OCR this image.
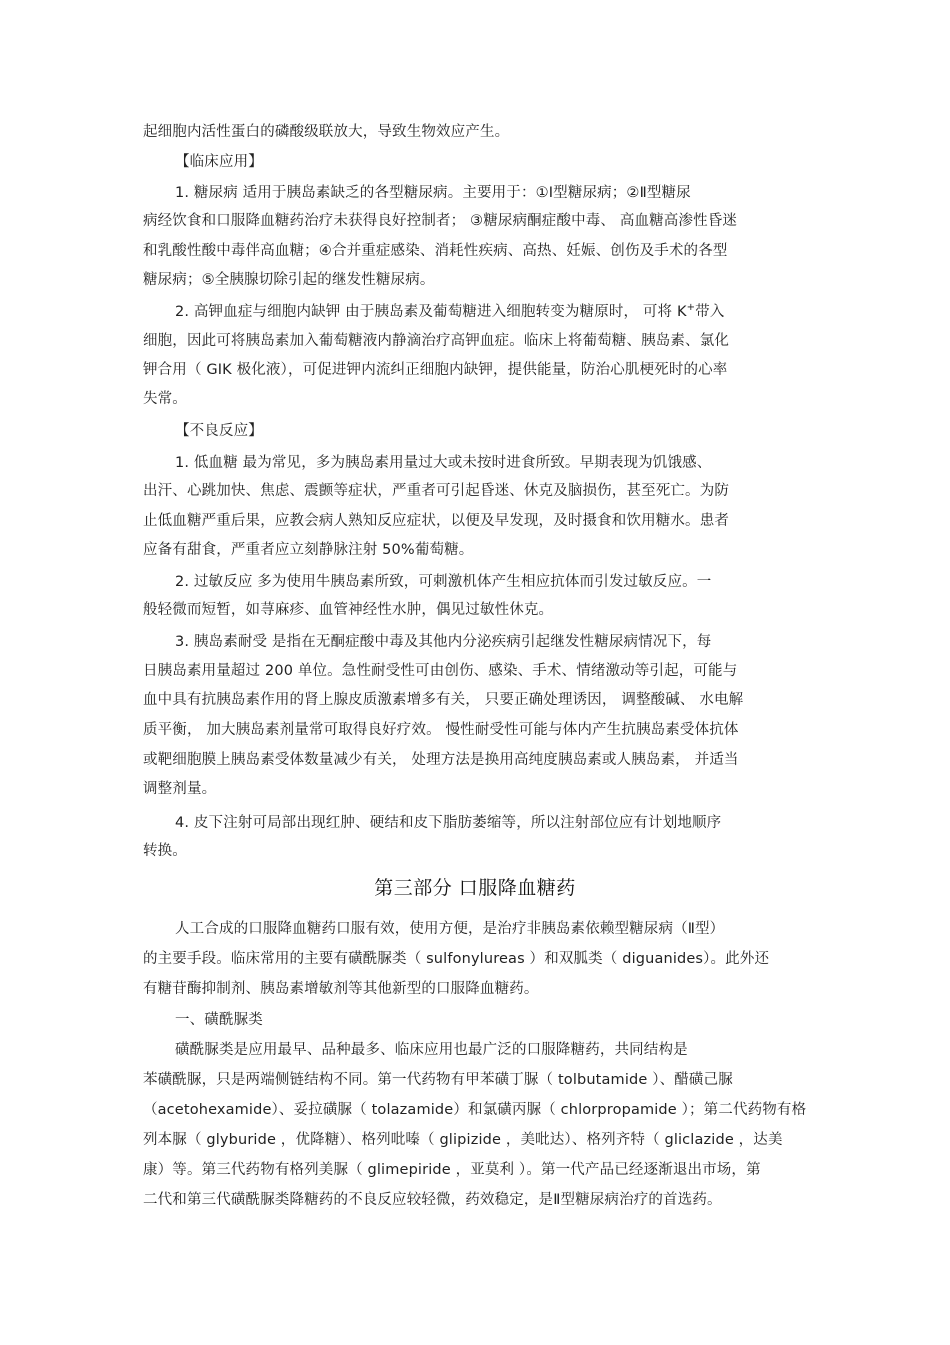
起细胞内活性蛋白的磷酸级联放大，导致生物效应产生。
【临床应用】
1. 糖尿病 适用于胰岛素缺乏的各型糖尿病。主要用于：①Ⅰ型糖尿病；②Ⅱ型糖尿
病经饮食和口服降血糖药治疗未获得良好控制者； ③糖尿病酮症酸中毒、 高血糖高渗性昏迷
和乳酸性酸中毒伴高血糖；④合并重症感染、消耗性疾病、高热、妊娠、创伤及手术的各型
糖尿病；⑤全胰腺切除引起的继发性糖尿病。
2. 高钾血症与细胞内缺钾 由于胰岛素及葡萄糖进入细胞转变为糖原时， 可将 K+带入
细胞，因此可将胰岛素加入葡萄糖液内静滴治疗高钾血症。临床上将葡萄糖、胰岛素、氯化
钾合用（ GIK 极化液），可促进钾内流纠正细胞内缺钾，提供能量，防治心肌梗死时的心率
失常。
【不良反应】
1. 低血糖 最为常见，多为胰岛素用量过大或未按时进食所致。早期表现为饥饿感、
出汗、心跳加快、焦虑、震颤等症状，严重者可引起昏迷、休克及脑损伤，甚至死亡。为防
止低血糖严重后果，应教会病人熟知反应症状，以便及早发现，及时摄食和饮用糖水。患者
应备有甜食，严重者应立刻静脉注射 50%葡萄糖。
2. 过敏反应 多为使用牛胰岛素所致，可刺激机体产生相应抗体而引发过敏反应。一
般轻微而短暂，如荨麻疹、血管神经性水肿，偶见过敏性休克。
3. 胰岛素耐受 是指在无酮症酸中毒及其他内分泌疾病引起继发性糖尿病情况下，每
日胰岛素用量超过 200 单位。急性耐受性可由创伤、感染、手术、情绪激动等引起，可能与
血中具有抗胰岛素作用的肾上腺皮质激素增多有关， 只要正确处理诱因， 调整酸碱、 水电解
质平衡， 加大胰岛素剂量常可取得良好疗效。 慢性耐受性可能与体内产生抗胰岛素受体抗体
或靶细胞膜上胰岛素受体数量减少有关， 处理方法是换用高纯度胰岛素或人胰岛素， 并适当
调整剂量。
4. 皮下注射可局部出现红肿、硬结和皮下脂肪萎缩等，所以注射部位应有计划地顺序
转换。
第三部分 口服降血糖药
人工合成的口服降血糖药口服有效，使用方便，是治疗非胰岛素依赖型糖尿病（Ⅱ型）
的主要手段。临床常用的主要有磺酰脲类（ sulfonylureas ）和双胍类（ diguanides）。此外还
有糖苷酶抑制剂、胰岛素增敏剂等其他新型的口服降血糖药。
一、磺酰脲类
磺酰脲类是应用最早、品种最多、临床应用也最广泛的口服降糖药，共同结构是
苯磺酰脲，只是两端侧链结构不同。第一代药物有甲苯磺丁脲（ tolbutamide ）、醋磺己脲
（acetohexamide）、妥拉磺脲（ tolazamide）和氯磺丙脲（ chlorpropamide ）；第二代药物有格
列本脲（ glyburide ，优降糖）、格列吡嗪（ glipizide ，美吡达）、格列齐特（ gliclazide ，达美
康）等。第三代药物有格列美脲（ glimepiride ，亚莫利 ）。第一代产品已经逐渐退出市场，第
二代和第三代磺酰脲类降糖药的不良反应较轻微，药效稳定，是Ⅱ型糖尿病治疗的首选药。
